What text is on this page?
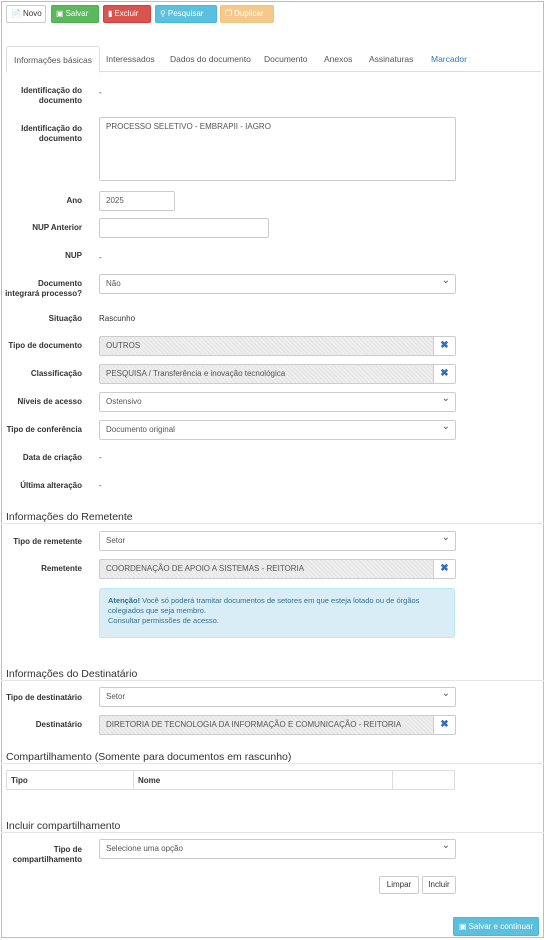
📄 Novo	▣ Salvar	▮ Excluir	⚲ Pesquisar	❐ Duplicar
Informações básicas	Interessados Dados do documento Documento Anexos Assinaturas Marcador
Identificação do documento
-
Identificação do documento
PROCESSO SELETIVO - EMBRAPII - IAGRO
Ano	2025
NUP Anterior
NUP -
Documento integrará processo?
Não ⌄
Situação Rascunho
Tipo de documento	OUTROS	✖
Classificação	PESQUISA / Transferência e inovação tecnológica	✖
Níveis de acesso	Ostensivo ⌄
Tipo de conferência	Documento original ⌄
Data de criação -
Última alteração -
Informações do Remetente
Tipo de remetente	Setor ⌄
Remetente	COORDENAÇÃO DE APOIO A SISTEMAS - REITORIA	✖
Atenção! Você só poderá tramitar documentos de setores em que esteja lotado ou de órgãos colegiados que seja membro.
Consultar permissões de acesso.
Informações do Destinatário
Tipo de destinatário	Setor ⌄
Destinatário	DIRETORIA DE TECNOLOGIA DA INFORMAÇÃO E COMUNICAÇÃO - REITORIA	✖
Compartilhamento (Somente para documentos em rascunho)
Tipo	Nome
Incluir compartilhamento
Tipo de compartilhamento
Selecione uma opção ⌄
Limpar	Incluir
▣ Salvar e continuar
